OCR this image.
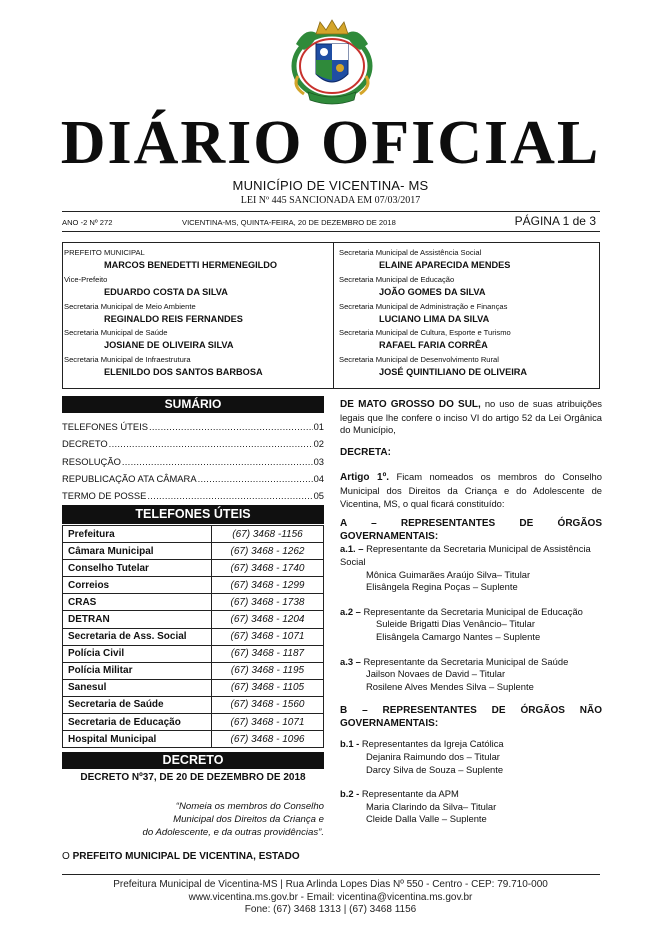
DIÁRIO OFICIAL
MUNICÍPIO DE VICENTINA- MS
LEI Nº 445 SANCIONADA EM 07/03/2017
ANO -2 Nº 272	VICENTINA-MS, QUINTA-FEIRA, 20 DE DEZEMBRO DE 2018	PÁGINA 1 de 3
PREFEITO MUNICIPAL
MARCOS BENEDETTI HERMENEGILDO
Vice-Prefeito
EDUARDO COSTA DA SILVA
Secretaria Municipal de Meio Ambiente
REGINALDO REIS FERNANDES
Secretaria Municipal de Saúde
JOSIANE DE OLIVEIRA SILVA
Secretaria Municipal de Infraestrutura
ELENILDO DOS SANTOS BARBOSA
Secretaria Municipal de Assistência Social
ELAINE APARECIDA MENDES
Secretaria Municipal de Educação
JOÃO GOMES DA SILVA
Secretaria Municipal de Administração e Finanças
LUCIANO LIMA DA SILVA
Secretaria Municipal de Cultura, Esporte e Turismo
RAFAEL FARIA CORRÊA
Secretaria Municipal de Desenvolvimento Rural
JOSÉ QUINTILIANO DE OLIVEIRA
SUMÁRIO
TELEFONES ÚTEIS .....	01
DECRETO .....	02
RESOLUÇÃO .....	03
REPUBLICAÇÃO ATA CÂMARA .....	04
TERMO DE POSSE .....	05
TELEFONES ÚTEIS
Prefeitura	(67) 3468 -1156
Câmara Municipal	(67) 3468 - 1262
Conselho Tutelar	(67) 3468 - 1740
Correios	(67) 3468 - 1299
CRAS	(67) 3468 - 1738
DETRAN	(67) 3468 - 1204
Secretaria de Ass. Social	(67) 3468 - 1071
Polícia Civil	(67) 3468 - 1187
Polícia Militar	(67) 3468 - 1195
Sanesul	(67) 3468 - 1105
Secretaria de Saúde	(67) 3468 - 1560
Secretaria de Educação	(67) 3468 - 1071
Hospital Municipal	(67) 3468 - 1096
DECRETO
DECRETO Nº37, DE 20 DE DEZEMBRO DE 2018
“Nomeia os membros do Conselho
Municipal dos Direitos da Criança e
do Adolescente, e da outras providências”.
O PREFEITO MUNICIPAL DE VICENTINA, ESTADO
DE MATO GROSSO DO SUL, no uso de suas atribuições legais que lhe confere o inciso VI do artigo 52 da Lei Orgânica do Município,
DECRETA:
Artigo 1º. Ficam nomeados os membros do Conselho Municipal dos Direitos da Criança e do Adolescente de Vicentina, MS, o qual ficará constituído:
A – REPRESENTANTES DE ÓRGÃOS GOVERNAMENTAIS:
a.1. – Representante da Secretaria Municipal de Assistência Social
Mônica Guimarães Araújo Silva– Titular
Elisângela Regina Poças – Suplente
a.2 – Representante da Secretaria Municipal de Educação
Suleide Brigatti Dias Venâncio– Titular
Elisângela Camargo Nantes – Suplente
a.3 – Representante da Secretaria Municipal de Saúde
Jailson Novaes de David – Titular
Rosilene Alves Mendes Silva – Suplente
B – REPRESENTANTES DE ÓRGÃOS NÃO GOVERNAMENTAIS:
b.1 - Representantes da Igreja Católica
Dejanira Raimundo dos – Titular
Darcy Silva de Souza – Suplente
b.2 - Representante da APM
Maria Clarindo da Silva– Titular
Cleide Dalla Valle – Suplente
Prefeitura Municipal de Vicentina-MS | Rua Arlinda Lopes Dias Nº 550 - Centro - CEP: 79.710-000
www.vicentina.ms.gov.br - Email: vicentina@vicentina.ms.gov.br
Fone: (67) 3468 1313 | (67) 3468 1156
